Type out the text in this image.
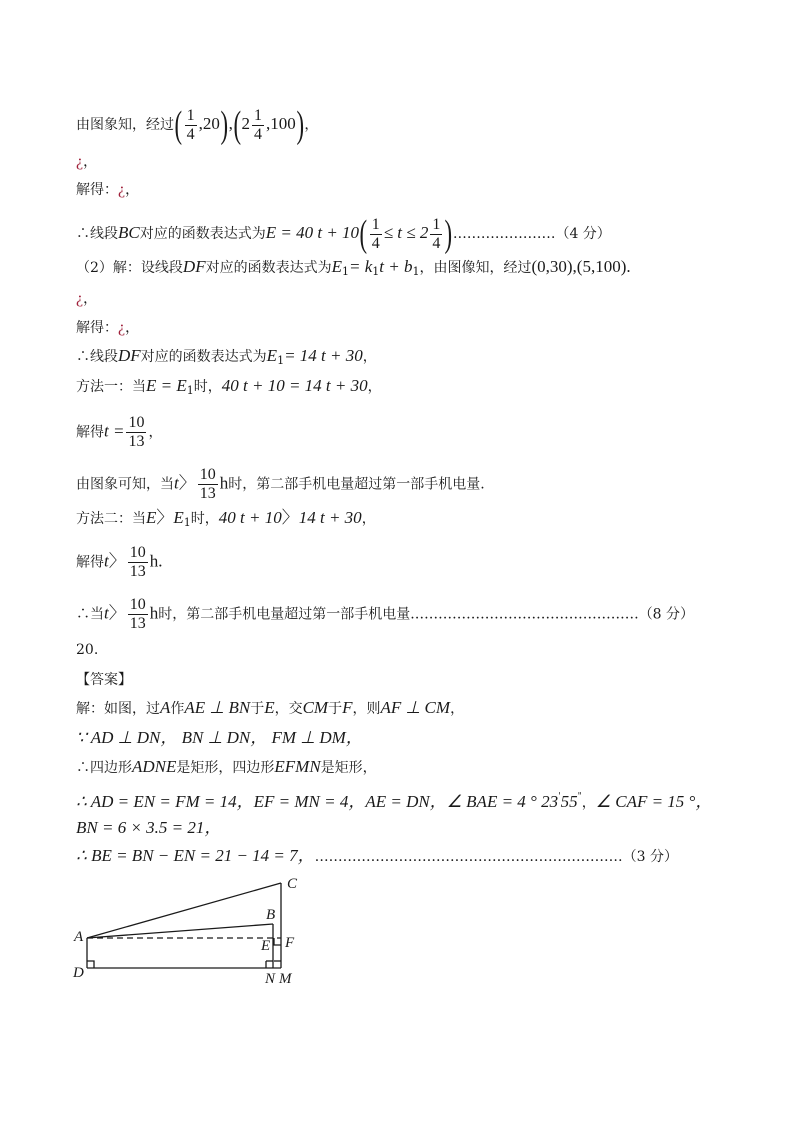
由图象知，经过( $\frac{1}{4} ,20),(2 \frac{1}{4} ,100)$，
¿，
解得：¿，
∴线段BC对应的函数表达式为E = 40 $t + 10( \frac{1}{4} \le t \le 2 \frac{1}{4}$ ).…………………（4 分）
（2）解：设线段DF对应的函数表达式为$E_1= k_1t + b_1$，由图像知，经过(0,30),(5,100).
¿，
解得：¿，
∴线段DF对应的函数表达式为$E_1= 14$ t + 30，
方法一：当$E = E_1$时，40 t + 10 = 14 t + 30，
解得$t = \frac{10}{13}$ ，
由图象可知，当t〉 $\frac{10}{13}$ h时，第二部手机电量超过第一部手机电量.
方法二：当E〉$E_1$时，40 t + 10〉14 t + 30，
解得t〉 $\frac{10}{13} h$.
∴当t〉 $\frac{10}{13}$ h时，第二部手机电量超过第一部手机电量.…………………………………………（8 分）
20.
【答案】
解：如图，过A作AE ⊥ BN于E，交CM于F，则AF ⊥ CM，
∵ AD ⊥ DN， BN ⊥ DN， FM ⊥ DM，
∴四边形ADNE是矩形，四边形EFMN是矩形，
∴ AD = EN = FM = 14，EF = MN = 4，AE = DN，∠ BAE = 4 ° 23'55"，∠ CAF = 15 °，
BN = 6 × 3.5 = 21，
∴ BE = BN − EN = 21 − 14 = 7，…………………………………………………………（3 分）
A
B
C
D
E F
N M
